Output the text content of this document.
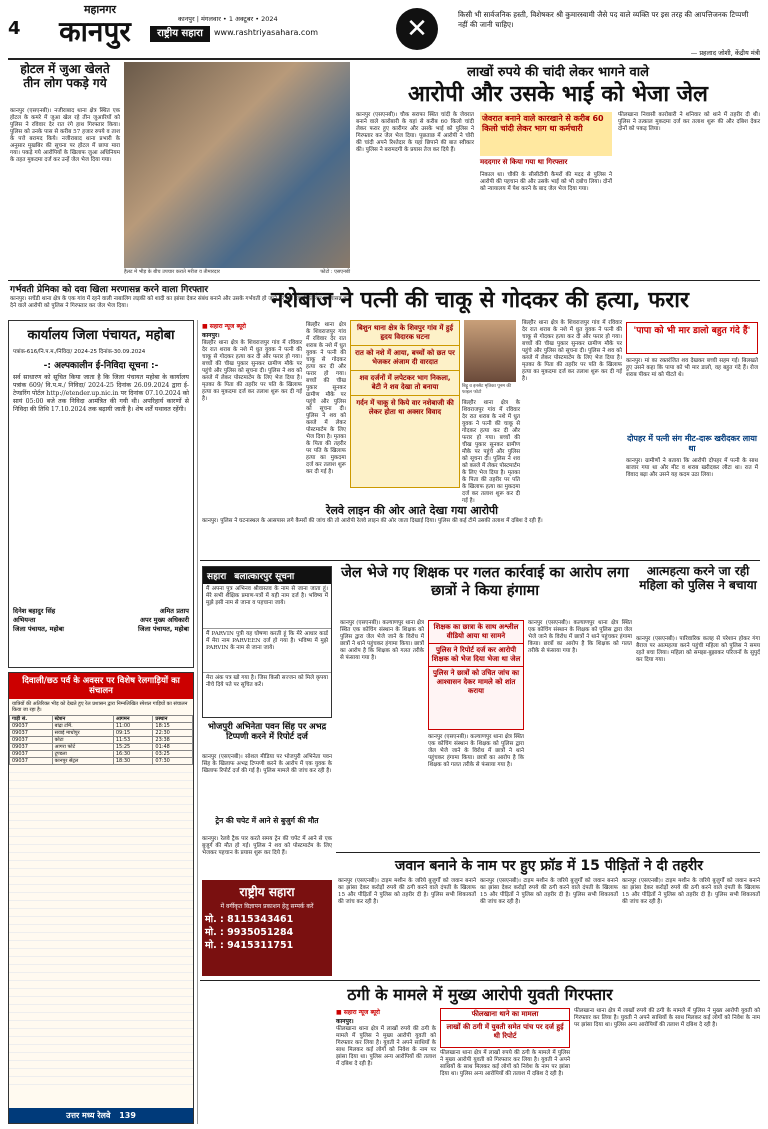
4
महानगर
कानपुर	कानपुर | मंगलवार • 1 अक्टूबर • 2024
राष्ट्रीय सहारा	www.rashtriyasahara.com	✕	किसी भी सार्वजनिक हस्ती, विशेषकर श्री कुमारस्वामी जैसे पद वाले व्यक्ति पर इस तरह की आपत्तिजनक टिप्पणी नहीं की जानी चाहिए।
— प्रहलाद जोशी, केंद्रीय मंत्री
होटल में जुआ खेलते तीन लोग पकड़े गये
कानपुर (एसएनबी)। नजीराबाद थाना क्षेत्र स्थित एक होटल के कमरे में जुआ खेल रहे तीन जुआरियों को पुलिस ने रविवार देर रात रंगे हाथ गिरफ्तार किया। पुलिस को उनके पास से करीब 57 हजार रुपये व ताश के पत्ते बरामद किये। नजीराबाद थाना प्रभारी के अनुसार मुखबिर की सूचना पर होटल में छापा मारा गया। पकड़े गये आरोपियों के खिलाफ जुआ अधिनियम के तहत मुकदमा दर्ज कर उन्हें जेल भेज दिया गया।
हैलट में भीड़ के बीच उपचार कराते मरीज व तीमारदार	फोटो : एसएनबी
लाखों रुपये की चांदी लेकर भागने वाले
आरोपी और उसके भाई को भेजा जेल
कानपुर (एसएनबी)। चौक सराफा स्थित चांदी के जेवरात बनाने वाले कारोबारी के यहां से करीब 60 किलो चांदी लेकर फरार हुए कारीगर और उसके भाई को पुलिस ने गिरफ्तार कर जेल भेज दिया। पूछताछ में आरोपी ने चोरी की चांदी अपने रिश्तेदार के यहां छिपाने की बात स्वीकार की। पुलिस ने बरामदगी के प्रयास तेज कर दिये हैं।
जेवरात बनाने वाले कारखाने से करीब 60 किलो चांदी लेकर भाग था कर्मचारी
मददगार से किया गया था गिरफ्तार
निकाल था। चौकी के सीसीटीवी कैमरों की मदद से पुलिस ने आरोपी की पहचान की और उसके भाई को भी दबोच लिया। दोनों को न्यायालय में पेश करने के बाद जेल भेज दिया गया।
फीलखाना निवासी कारोबारी ने शनिवार को थाने में तहरीर दी थी। पुलिस ने तत्काल मुकदमा दर्ज कर तलाश शुरू की और दबिश देकर दोनों को पकड़ लिया।
गर्भवती प्रेमिका को दवा खिला मरणासन्न करने वाला गिरफ्तार
कानपुर। सचेंडी थाना क्षेत्र के एक गांव में रहने वाली नाबालिग लड़की को शादी का झांसा देकर संबंध बनाने और उसके गर्भवती हो जाने पर उसे दवा खिलाकर मरणासन्न कर देने वाले आरोपी को पुलिस ने गिरफ्तार कर जेल भेज दिया।	नशेबाज ने पत्नी की चाकू से गोदकर की हत्या, फरार
कार्यालय जिला पंचायत, महोबा
पत्रांक-616/नि.प.म./निविदा/ 2024-25 दिनांक-30.09.2024
-: अल्पकालीन ई-निविदा सूचना :-
सर्व साधारण को सूचित किया जाता है कि जिला पंचायत महोबा के कार्यालय पत्रांक 609/ वि.प.म./ निविदा/ 2024-25 दिनांक 26.09.2024 द्वारा ई-टेण्डरिंग पोर्टल http://etender.up.nic.in पर दिनांक 07.10.2024 को सायं 05:00 बजे तक निविदा आमंत्रित की गयी थी। अपरिहार्य कारणों से निविदा की तिथि 17.10.2024 तक बढ़ायी जाती है। शेष शर्तें यथावत रहेंगी।
दिनेश बहादुर सिंह
अभियन्ता
जिला पंचायत, महोबा
अमित प्रताप
अपर मुख्य अधिकारी
जिला पंचायत, महोबा
दिवाली/छठ पर्व के अवसर पर विशेष रेलगाड़ियों का संचालन
यात्रियों की अतिरिक्त भीड़ को देखते हुए रेल प्रशासन द्वारा निम्नलिखित स्पेशल गाड़ियों का संचालन किया जा रहा है।
गाड़ी सं.	स्टेशन	आगमन	प्रस्थान
09037	बांद्रा टर्मि.	11:00	18:15
09037	सवाई माधोपुर	09:15	22:30
09037	कोटा	11:53	23:38
09037	आगरा फोर्ट	15:25	01:48
09037	टूण्डला	16:30	03:25
09037	कानपुर सेंट्रल	18:30	07:30
उत्तर मध्य रेलवे 139
■ सहारा न्यूज ब्यूरो
कानपुर।
बिल्हौर थाना क्षेत्र के शिवराजपुर गांव में रविवार देर रात शराब के नशे में धुत युवक ने पत्नी की चाकू से गोदकर हत्या कर दी और फरार हो गया। बच्चों की चीख पुकार सुनकर ग्रामीण मौके पर पहुंचे और पुलिस को सूचना दी। पुलिस ने शव को कब्जे में लेकर पोस्टमार्टम के लिए भेज दिया है। मृतका के पिता की तहरीर पर पति के खिलाफ हत्या का मुकदमा दर्ज कर तलाश शुरू कर दी गई है।
बिल्हौर थाना क्षेत्र के शिवराजपुर गांव में रविवार देर रात शराब के नशे में धुत युवक ने पत्नी की चाकू से गोदकर हत्या कर दी और फरार हो गया। बच्चों की चीख पुकार सुनकर ग्रामीण मौके पर पहुंचे और पुलिस को सूचना दी। पुलिस ने शव को कब्जे में लेकर पोस्टमार्टम के लिए भेज दिया है। मृतका के पिता की तहरीर पर पति के खिलाफ हत्या का मुकदमा दर्ज कर तलाश शुरू कर दी गई है।
बिशुन थाना क्षेत्र के शिवपुर गांव में हुई हृदय विदारक घटना
रात को नशे में आया, बच्चों को छत पर भेजकर अंजाम दी वारदात
शव दर्जनों में लपेटकर भाग निकला, बेटी ने शव देखा तो बनाया
गर्दन में चाकू से किये वार नशेबाजी की लेकर होता था अक्सर विवाद
बिट्टू व इनसेट मृतिका पूनम की फाइल फोटो
बिल्हौर थाना क्षेत्र के शिवराजपुर गांव में रविवार देर रात शराब के नशे में धुत युवक ने पत्नी की चाकू से गोदकर हत्या कर दी और फरार हो गया। बच्चों की चीख पुकार सुनकर ग्रामीण मौके पर पहुंचे और पुलिस को सूचना दी। पुलिस ने शव को कब्जे में लेकर पोस्टमार्टम के लिए भेज दिया है। मृतका के पिता की तहरीर पर पति के खिलाफ हत्या का मुकदमा दर्ज कर तलाश शुरू कर दी गई है।
बिल्हौर थाना क्षेत्र के शिवराजपुर गांव में रविवार देर रात शराब के नशे में धुत युवक ने पत्नी की चाकू से गोदकर हत्या कर दी और फरार हो गया। बच्चों की चीख पुकार सुनकर ग्रामीण मौके पर पहुंचे और पुलिस को सूचना दी। पुलिस ने शव को कब्जे में लेकर पोस्टमार्टम के लिए भेज दिया है। मृतका के पिता की तहरीर पर पति के खिलाफ हत्या का मुकदमा दर्ज कर तलाश शुरू कर दी गई है।
'पापा को भी मार डालो बहुत गंदे हैं'
कानपुर। मां का रक्तरंजित शव देखकर बच्ची सहम गई। बिलखते हुए उसने कहा कि पापा को भी मार डालो, वह बहुत गंदे हैं। रोज शराब पीकर मां को पीटते थे।
दोपहर में पत्नी संग मीट-दारू खरीदकर लाया था
कानपुर। ग्रामीणों ने बताया कि आरोपी दोपहर में पत्नी के साथ बाजार गया था और मीट व शराब खरीदकर लौटा था। रात में विवाद बढ़ा और उसने यह कदम उठा लिया।
रेलवे लाइन की ओर आते देखा गया आरोपी
कानपुर। पुलिस ने घटनास्थल के आसपास लगे कैमरों की जांच की तो आरोपी रेलवे लाइन की ओर जाता दिखाई दिया। पुलिस की कई टीमें उसकी तलाश में दबिश दे रही हैं।
जेल भेजे गए शिक्षक पर गलत कार्रवाई का आरोप लगा छात्रों ने किया हंगामा
आत्महत्या करने जा रही महिला को पुलिस ने बचाया
कानपुर (एसएनबी)। पारिवारिक कलह से परेशान होकर गंगा बैराज पर आत्महत्या करने पहुंची महिला को पुलिस ने समय रहते बचा लिया। महिला को समझा-बुझाकर परिजनों के सुपुर्द कर दिया गया।
सहारा बलात्कारपुर सूचना
मैं अपना पुत्र अभिनव श्रीवास्तव के नाम से जाना जाता हूं। मेरे सभी शैक्षिक प्रमाण-पत्रों में यही नाम दर्ज है। भविष्य में मुझे इसी नाम से जाना व पहचाना जाये।
मैं PARVIN पुत्री यह घोषणा करती हूं कि मेरे आधार कार्ड में मेरा नाम PARVEEN दर्ज हो गया है। भविष्य में मुझे PARVIN के नाम से जाना जाये।
मेरा अंक पत्र खो गया है। जिस किसी सज्जन को मिले कृपया नीचे दिये पते पर सूचित करें।
भोजपुरी अभिनेता पवन सिंह पर अभद्र टिप्पणी करने में रिपोर्ट दर्ज
कानपुर (एसएनबी)। सोशल मीडिया पर भोजपुरी अभिनेता पवन सिंह के खिलाफ अभद्र टिप्पणी करने के आरोप में एक युवक के खिलाफ रिपोर्ट दर्ज की गई है। पुलिस मामले की जांच कर रही है।
ट्रेन की चपेट में आने से बुजुर्ग की मौत
कानपुर। रेलवे ट्रैक पार करते समय ट्रेन की चपेट में आने से एक बुजुर्ग की मौत हो गई। पुलिस ने शव को पोस्टमार्टम के लिए भेजकर पहचान के प्रयास शुरू कर दिये हैं।
कानपुर (एसएनबी)। कल्याणपुर थाना क्षेत्र स्थित एक कोचिंग संस्थान के शिक्षक को पुलिस द्वारा जेल भेजे जाने के विरोध में छात्रों ने थाने पहुंचकर हंगामा किया। छात्रों का आरोप है कि शिक्षक को गलत तरीके से फंसाया गया है।
शिक्षक का छात्रा के साथ अश्लील वीडियो आया था सामने
पुलिस ने रिपोर्ट दर्ज कर आरोपी शिक्षक को भेज दिया भेजा था जेल
पुलिस ने छात्रों को उचित जांच का आश्वासन देकर मामले को शांत कराया
कानपुर (एसएनबी)। कल्याणपुर थाना क्षेत्र स्थित एक कोचिंग संस्थान के शिक्षक को पुलिस द्वारा जेल भेजे जाने के विरोध में छात्रों ने थाने पहुंचकर हंगामा किया। छात्रों का आरोप है कि शिक्षक को गलत तरीके से फंसाया गया है।
कानपुर (एसएनबी)। कल्याणपुर थाना क्षेत्र स्थित एक कोचिंग संस्थान के शिक्षक को पुलिस द्वारा जेल भेजे जाने के विरोध में छात्रों ने थाने पहुंचकर हंगामा किया। छात्रों का आरोप है कि शिक्षक को गलत तरीके से फंसाया गया है।
राष्ट्रीय सहारा
में वर्गीकृत विज्ञापन प्रकाशन हेतु सम्पर्क करें
मो. : 8115343461
मो. : 9935051284
मो. : 9415311751
जवान बनाने के नाम पर हुए फ्रॉड में 15 पीड़ितों ने दी तहरीर
कानपुर (एसएनबी)। टाइम मशीन के जरिये बुजुर्गों को जवान बनाने का झांसा देकर करोड़ों रुपये की ठगी करने वाले दंपती के खिलाफ 15 और पीड़ितों ने पुलिस को तहरीर दी है। पुलिस सभी शिकायतों की जांच कर रही है।
कानपुर (एसएनबी)। टाइम मशीन के जरिये बुजुर्गों को जवान बनाने का झांसा देकर करोड़ों रुपये की ठगी करने वाले दंपती के खिलाफ 15 और पीड़ितों ने पुलिस को तहरीर दी है। पुलिस सभी शिकायतों की जांच कर रही है।
कानपुर (एसएनबी)। टाइम मशीन के जरिये बुजुर्गों को जवान बनाने का झांसा देकर करोड़ों रुपये की ठगी करने वाले दंपती के खिलाफ 15 और पीड़ितों ने पुलिस को तहरीर दी है। पुलिस सभी शिकायतों की जांच कर रही है।
ठगी के मामले में मुख्य आरोपी युवती गिरफ्तार
■ सहारा न्यूज ब्यूरो
कानपुर।
फीलखाना थाना क्षेत्र में लाखों रुपये की ठगी के मामले में पुलिस ने मुख्य आरोपी युवती को गिरफ्तार कर लिया है। युवती ने अपने साथियों के साथ मिलकर कई लोगों को निवेश के नाम पर झांसा दिया था। पुलिस अन्य आरोपियों की तलाश में दबिश दे रही है।
फीलखाना थाने का मामला
लाखों की ठगी में युवती समेत पांच पर दर्ज हुई थी रिपोर्ट
फीलखाना थाना क्षेत्र में लाखों रुपये की ठगी के मामले में पुलिस ने मुख्य आरोपी युवती को गिरफ्तार कर लिया है। युवती ने अपने साथियों के साथ मिलकर कई लोगों को निवेश के नाम पर झांसा दिया था। पुलिस अन्य आरोपियों की तलाश में दबिश दे रही है।
फीलखाना थाना क्षेत्र में लाखों रुपये की ठगी के मामले में पुलिस ने मुख्य आरोपी युवती को गिरफ्तार कर लिया है। युवती ने अपने साथियों के साथ मिलकर कई लोगों को निवेश के नाम पर झांसा दिया था। पुलिस अन्य आरोपियों की तलाश में दबिश दे रही है।
